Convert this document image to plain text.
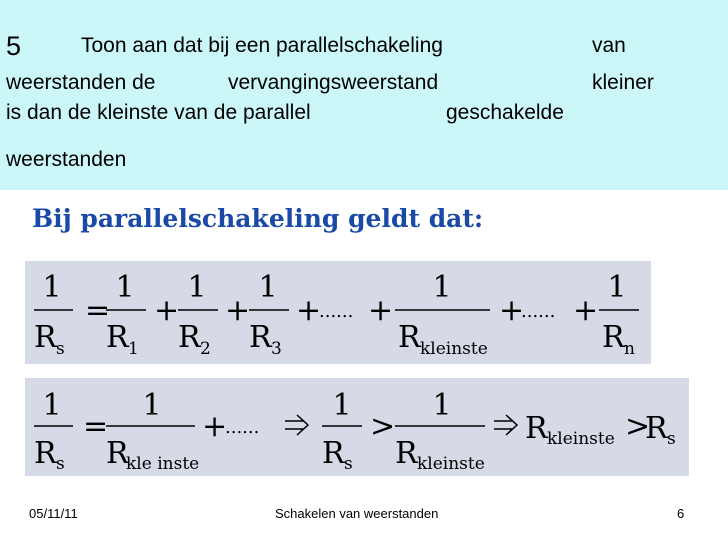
5	Toon aan dat bij een parallelschakeling	van
weerstanden de	vervangingsweerstand	kleiner
is dan de kleinste van de parallel	geschakelde
weerstanden
Bij parallelschakeling geldt dat:
1 1 1 1	1	1
= + + + +	+ +
......	......
R R R R	R	R
s	1	2	3	kleinste	n
1	1	1	1
=	+	>	>
......
R R	R R
R	R
s	kle inste	s	kleinste
kleinste	s
05/11/11	Schakelen van weerstanden	6
